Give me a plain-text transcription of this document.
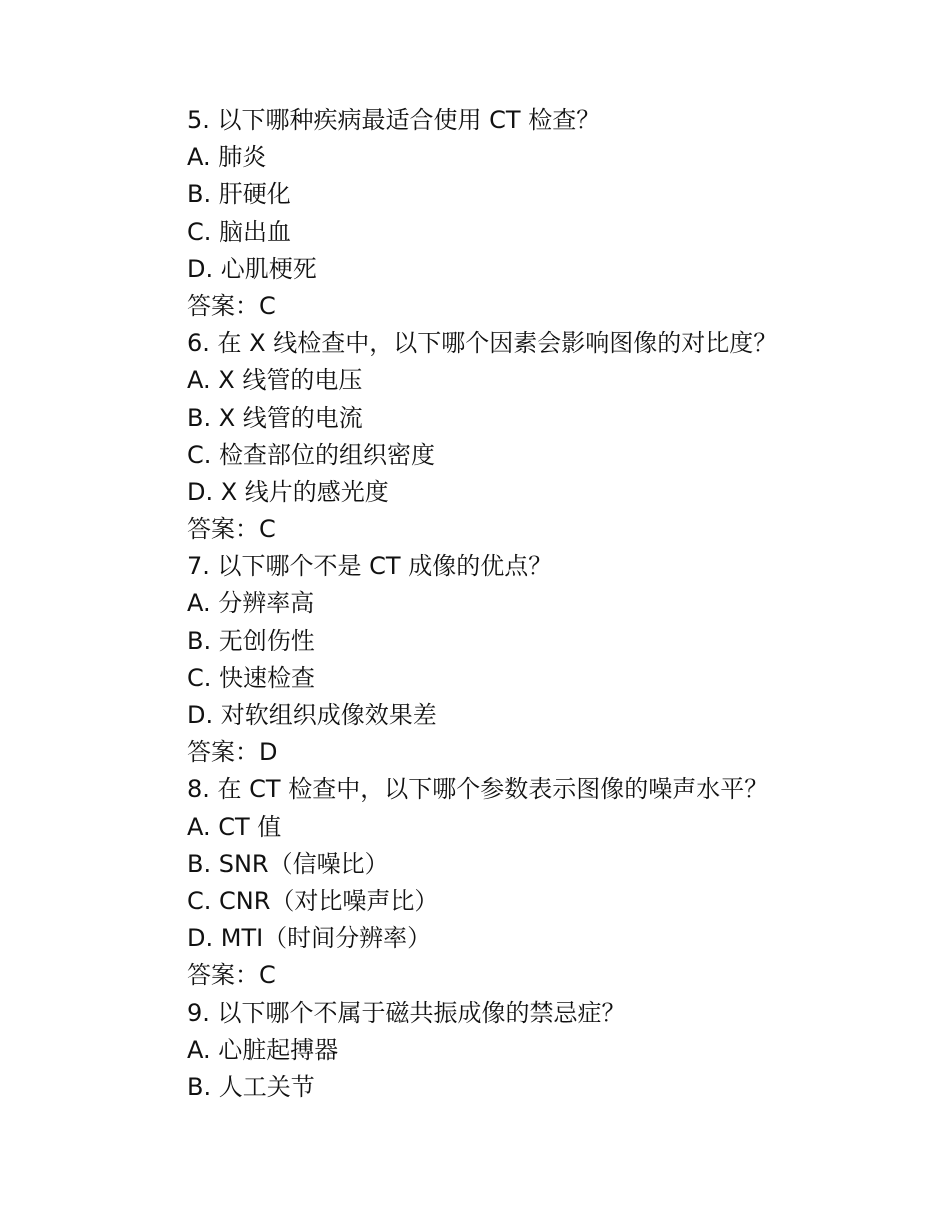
5. 以下哪种疾病最适合使用 CT 检查？
A. 肺炎
B. 肝硬化
C. 脑出血
D. 心肌梗死
答案：C
6. 在 X 线检查中，以下哪个因素会影响图像的对比度？
A. X 线管的电压
B. X 线管的电流
C. 检查部位的组织密度
D. X 线片的感光度
答案：C
7. 以下哪个不是 CT 成像的优点？
A. 分辨率高
B. 无创伤性
C. 快速检查
D. 对软组织成像效果差
答案：D
8. 在 CT 检查中，以下哪个参数表示图像的噪声水平？
A. CT 值
B. SNR（信噪比）
C. CNR（对比噪声比）
D. MTI（时间分辨率）
答案：C
9. 以下哪个不属于磁共振成像的禁忌症？
A. 心脏起搏器
B. 人工关节
